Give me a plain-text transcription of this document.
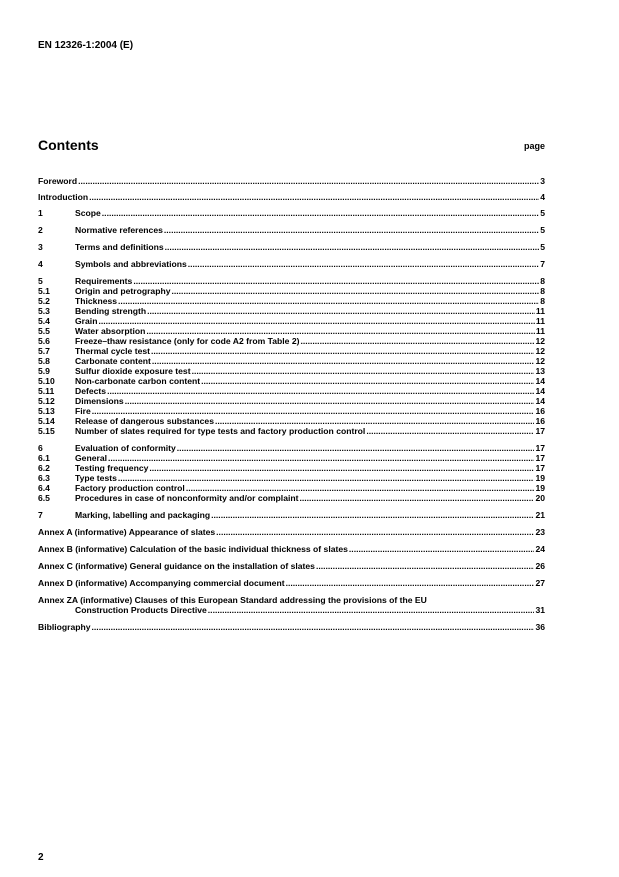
EN 12326-1:2004 (E)
Contents	page
Foreword .....	3
Introduction .....	4
1	Scope .....	5
2	Normative references .....	5
3	Terms and definitions .....	5
4	Symbols and abbreviations .....	7
5	Requirements .....	8
5.1	Origin and petrography .....	8
5.2	Thickness .....	8
5.3	Bending strength .....	11
5.4	Grain .....	11
5.5	Water absorption .....	11
5.6	Freeze–thaw resistance (only for code A2 from Table 2) .....	12
5.7	Thermal cycle test .....	12
5.8	Carbonate content .....	12
5.9	Sulfur dioxide exposure test .....	13
5.10	Non-carbonate carbon content .....	14
5.11	Defects .....	14
5.12	Dimensions .....	14
5.13	Fire .....	16
5.14	Release of dangerous substances .....	16
5.15	Number of slates required for type tests and factory production control .....	17
6	Evaluation of conformity .....	17
6.1	General .....	17
6.2	Testing frequency .....	17
6.3	Type tests .....	19
6.4	Factory production control .....	19
6.5	Procedures in case of nonconformity and/or complaint .....	20
7	Marking, labelling and packaging .....	21
Annex A (informative) Appearance of slates .....	23
Annex B (informative) Calculation of the basic individual thickness of slates .....	24
Annex C (informative) General guidance on the installation of slates .....	26
Annex D (informative) Accompanying commercial document .....	27
Annex ZA (informative) Clauses of this European Standard addressing the provisions of the EU
Construction Products Directive .....	31
Bibliography .....	36
2
